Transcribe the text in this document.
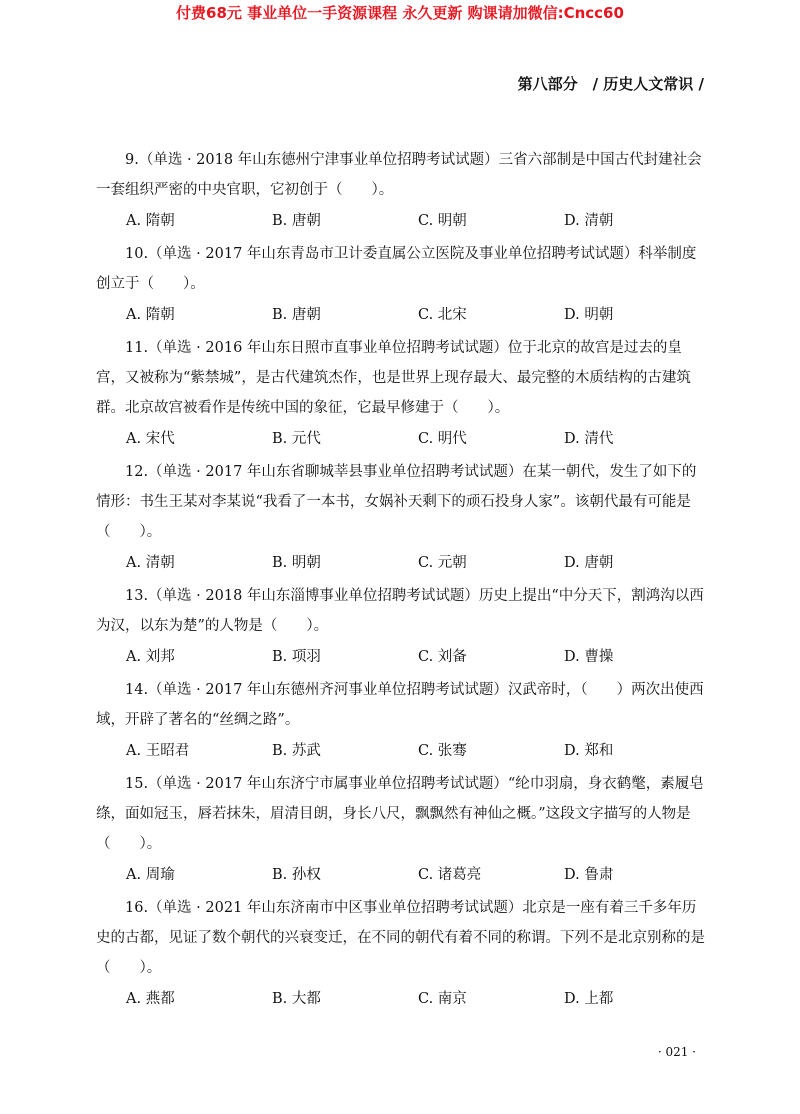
付费68元 事业单位一手资源课程 永久更新 购课请加微信:Cncc60
第八部分　/ 历史人文常识 /
9.（单选 · 2018 年山东德州宁津事业单位招聘考试试题）三省六部制是中国古代封建社会一套组织严密的中央官职，它初创于（　　）。
A. 隋朝	B. 唐朝	C. 明朝	D. 清朝
10.（单选 · 2017 年山东青岛市卫计委直属公立医院及事业单位招聘考试试题）科举制度创立于（　　）。
A. 隋朝	B. 唐朝	C. 北宋	D. 明朝
11.（单选 · 2016 年山东日照市直事业单位招聘考试试题）位于北京的故宫是过去的皇宫，又被称为“紫禁城”，是古代建筑杰作，也是世界上现存最大、最完整的木质结构的古建筑群。北京故宫被看作是传统中国的象征，它最早修建于（　　）。
A. 宋代	B. 元代	C. 明代	D. 清代
12.（单选 · 2017 年山东省聊城莘县事业单位招聘考试试题）在某一朝代，发生了如下的情形：书生王某对李某说“我看了一本书，女娲补天剩下的顽石投身人家”。该朝代最有可能是（　　）。
A. 清朝	B. 明朝	C. 元朝	D. 唐朝
13.（单选 · 2018 年山东淄博事业单位招聘考试试题）历史上提出“中分天下，割鸿沟以西为汉，以东为楚”的人物是（　　）。
A. 刘邦	B. 项羽	C. 刘备	D. 曹操
14.（单选 · 2017 年山东德州齐河事业单位招聘考试试题）汉武帝时，（　　）两次出使西域，开辟了著名的“丝绸之路”。
A. 王昭君	B. 苏武	C. 张骞	D. 郑和
15.（单选 · 2017 年山东济宁市属事业单位招聘考试试题）“纶巾羽扇，身衣鹤氅，素履皂绦，面如冠玉，唇若抹朱，眉清目朗，身长八尺，飘飘然有神仙之概。”这段文字描写的人物是（　　）。
A. 周瑜	B. 孙权	C. 诸葛亮	D. 鲁肃
16.（单选 · 2021 年山东济南市中区事业单位招聘考试试题）北京是一座有着三千多年历史的古都，见证了数个朝代的兴衰变迁，在不同的朝代有着不同的称谓。下列不是北京别称的是（　　）。
A. 燕都	B. 大都	C. 南京	D. 上都
· 021 ·
